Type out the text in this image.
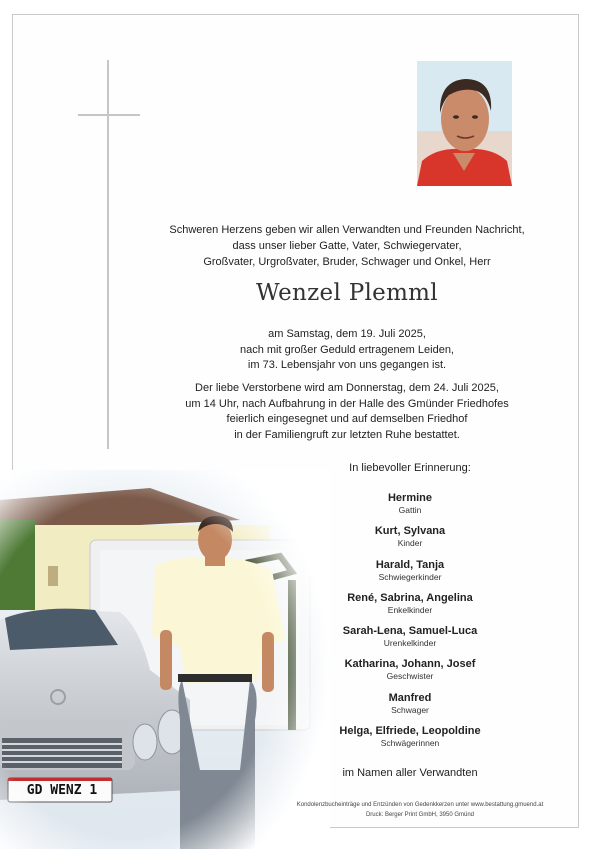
Schweren Herzens geben wir allen Verwandten und Freunden Nachricht,
dass unser lieber Gatte, Vater, Schwiegervater,
Großvater, Urgroßvater, Bruder, Schwager und Onkel, Herr
Wenzel Plemml
am Samstag, dem 19. Juli 2025,
nach mit großer Geduld ertragenem Leiden,
im 73. Lebensjahr von uns gegangen ist.
Der liebe Verstorbene wird am Donnerstag, dem 24. Juli 2025,
um 14 Uhr, nach Aufbahrung in der Halle des Gmünder Friedhofes
feierlich eingesegnet und auf demselben Friedhof
in der Familiengruft zur letzten Ruhe bestattet.
GD WENZ 1
In liebevoller Erinnerung:
Hermine
Gattin
Kurt, Sylvana
Kinder
Harald, Tanja
Schwiegerkinder
René, Sabrina, Angelina
Enkelkinder
Sarah-Lena, Samuel-Luca
Urenkelkinder
Katharina, Johann, Josef
Geschwister
Manfred
Schwager
Helga, Elfriede, Leopoldine
Schwägerinnen
im Namen aller Verwandten
Kondolenzbucheinträge und Entzünden von Gedenkkerzen unter www.bestattung.gmuend.at
Druck: Berger Print GmbH, 3950 Gmünd
